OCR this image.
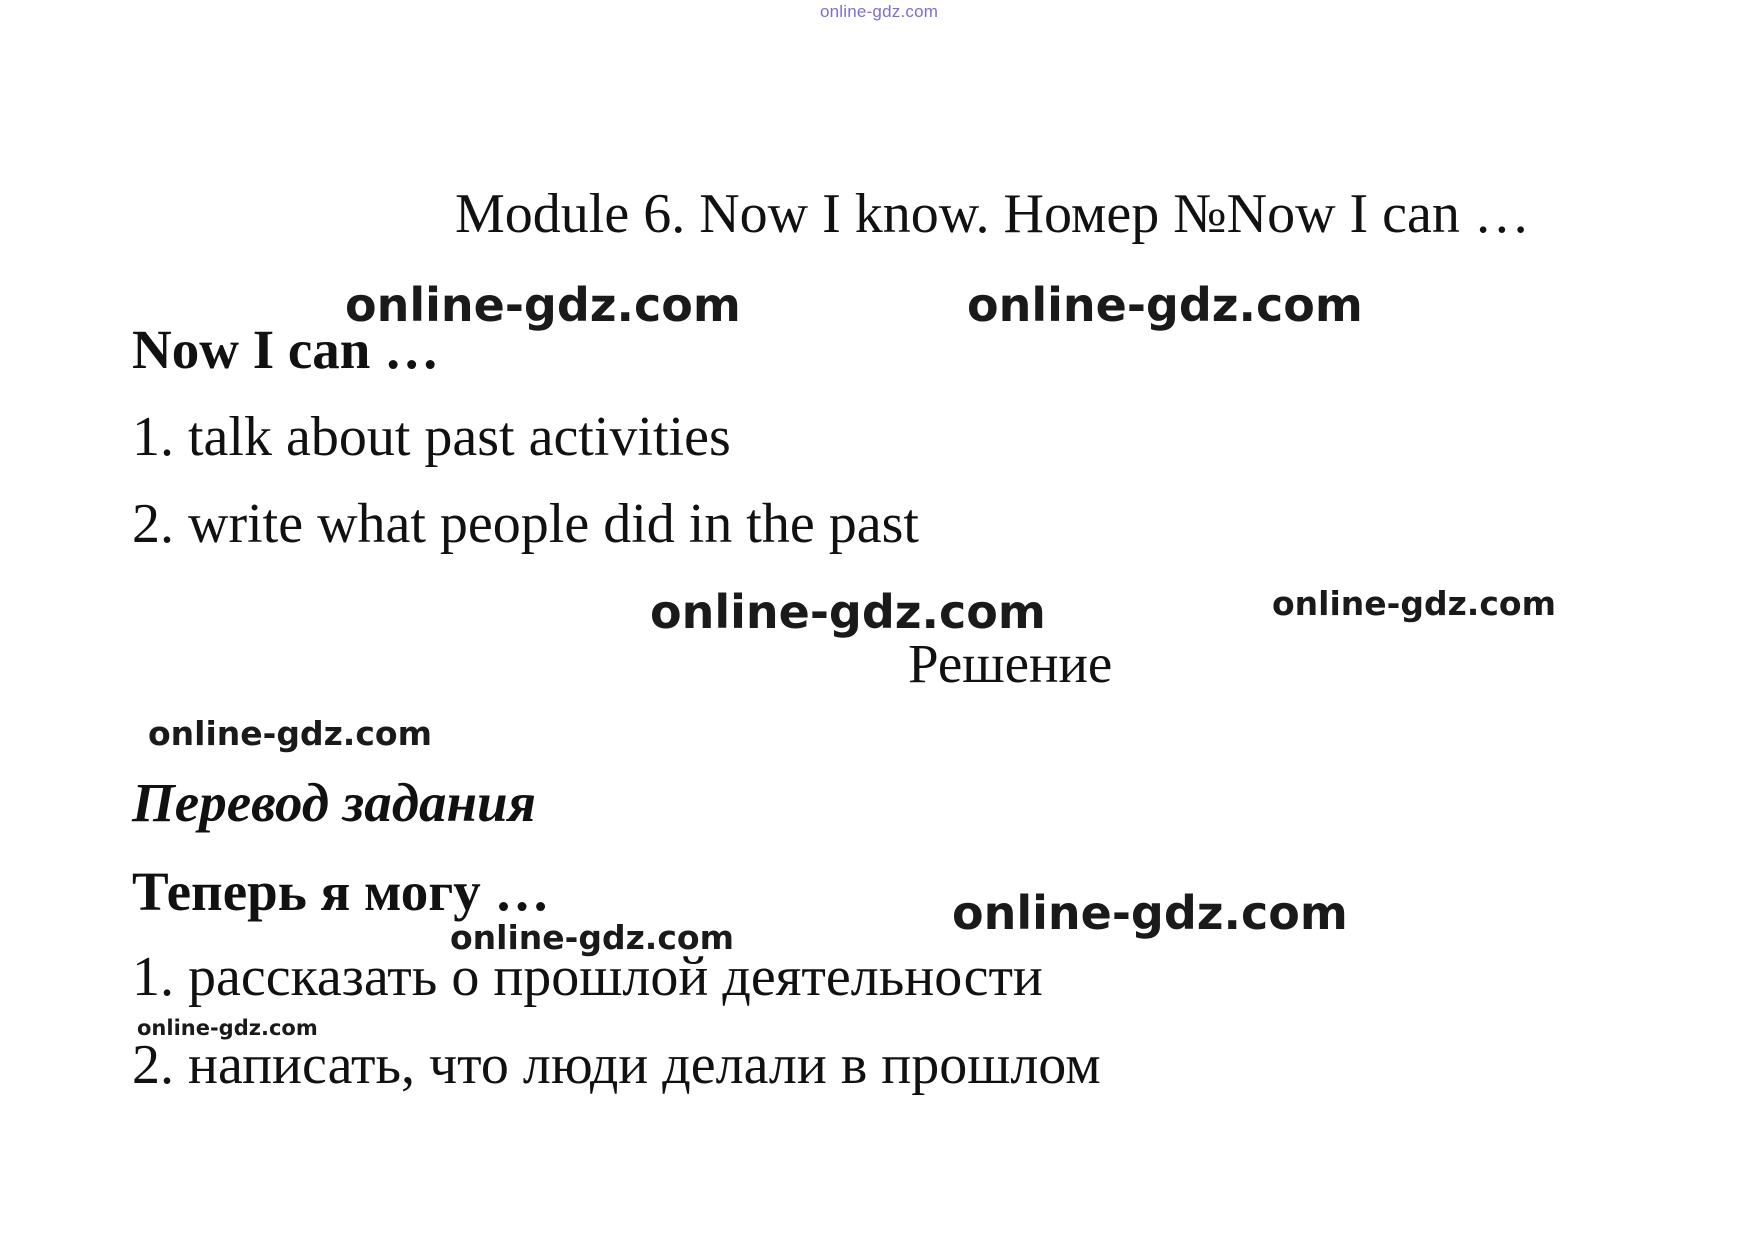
online-gdz.com
Module 6. Now I know. Номер №Now I can …
Now I can …
1. talk about past activities
2. write what people did in the past
Решение
Перевод задания
Теперь я могу …
1. рассказать о прошлой деятельности
2. написать, что люди делали в прошлом
online-gdz.com	online-gdz.com
online-gdz.com	online-gdz.com
online-gdz.com
online-gdz.com
online-gdz.com
online-gdz.com
